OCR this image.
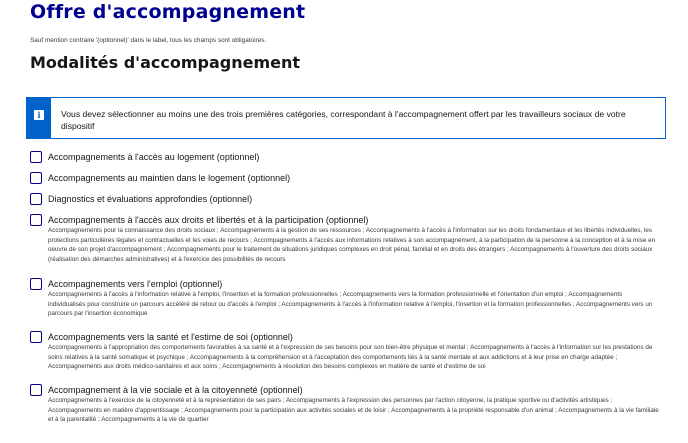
Offre d'accompagnement
Sauf mention contraire '(optionnel)' dans le label, tous les champs sont obligatoires.
Modalités d'accompagnement
i	Vous devez sélectionner au moins une des trois premières catégories, correspondant à l'accompagnement offert par les travailleurs sociaux de votre dispositif
Accompagnements à l'accès au logement (optionnel)
Accompagnements au maintien dans le logement (optionnel)
Diagnostics et évaluations approfondies (optionnel)
Accompagnements à l'accès aux droits et libertés et à la participation (optionnel)
Accompagnements pour la connaissance des droits sociaux ; Accompagnements à la gestion de ses ressources ; Accompagnements à l'accès à l'information sur les droits fondamentaux et les libertés individuelles, les protections particulières légales et contractuelles et les voies de recours ; Accompagnements à l'accès aux informations relatives à son accompagnement, à la participation de la personne à la conception et à la mise en oeuvre de son projet d'accompagnement ; Accompagnements pour le traitement de situations juridiques complexes en droit pénal, familial et en droits des étrangers ; Accompagnements à l'ouverture des droits sociaux (réalisation des démarches administratives) et à l'exercice des possibilités de recours
Accompagnements vers l'emploi (optionnel)
Accompagnements à l'accès à l'information relative à l'emploi, l'insertion et la formation professionnelles ; Accompagnements vers la formation professionnelle et l'orientation d'un emploi ; Accompagnements individualisés pour construire un parcours accéléré de retour ou d'accès à l'emploi ; Accompagnements à l'accès à l'information relative à l'emploi, l'insertion et la formation professionnelles ; Accompagnements vers un parcours par l'insertion économique
Accompagnements vers la santé et l'estime de soi (optionnel)
Accompagnements à l'appropriation des comportements favorables à sa santé et à l'expression de ses besoins pour son bien-être physique et mental ; Accompagnements à l'accès à l'information sur les prestations de soins relatives à la santé somatique et psychique ; Accompagnements à la compréhension et à l'acceptation des comportements liés à la santé mentale et aux addictions et à leur prise en charge adaptée ; Accompagnements aux droits médico-sanitaires et aux soins ; Accompagnements à résolution des besoins complexes en matière de santé et d'estime de soi
Accompagnement à la vie sociale et à la citoyenneté (optionnel)
Accompagnements à l'exercice de la citoyenneté et à la représentation de ses pairs ; Accompagnements à l'expression des personnes par l'action citoyenne, la pratique sportive ou d'activités artistiques ; Accompagnements en matière d'apprentissage ; Accompagnements pour la participation aux activités sociales et de loisir ; Accompagnements à la propriété responsable d'un animal ; Accompagnements à la vie familiale et à la parentalité ; Accompagnements à la vie de quartier
